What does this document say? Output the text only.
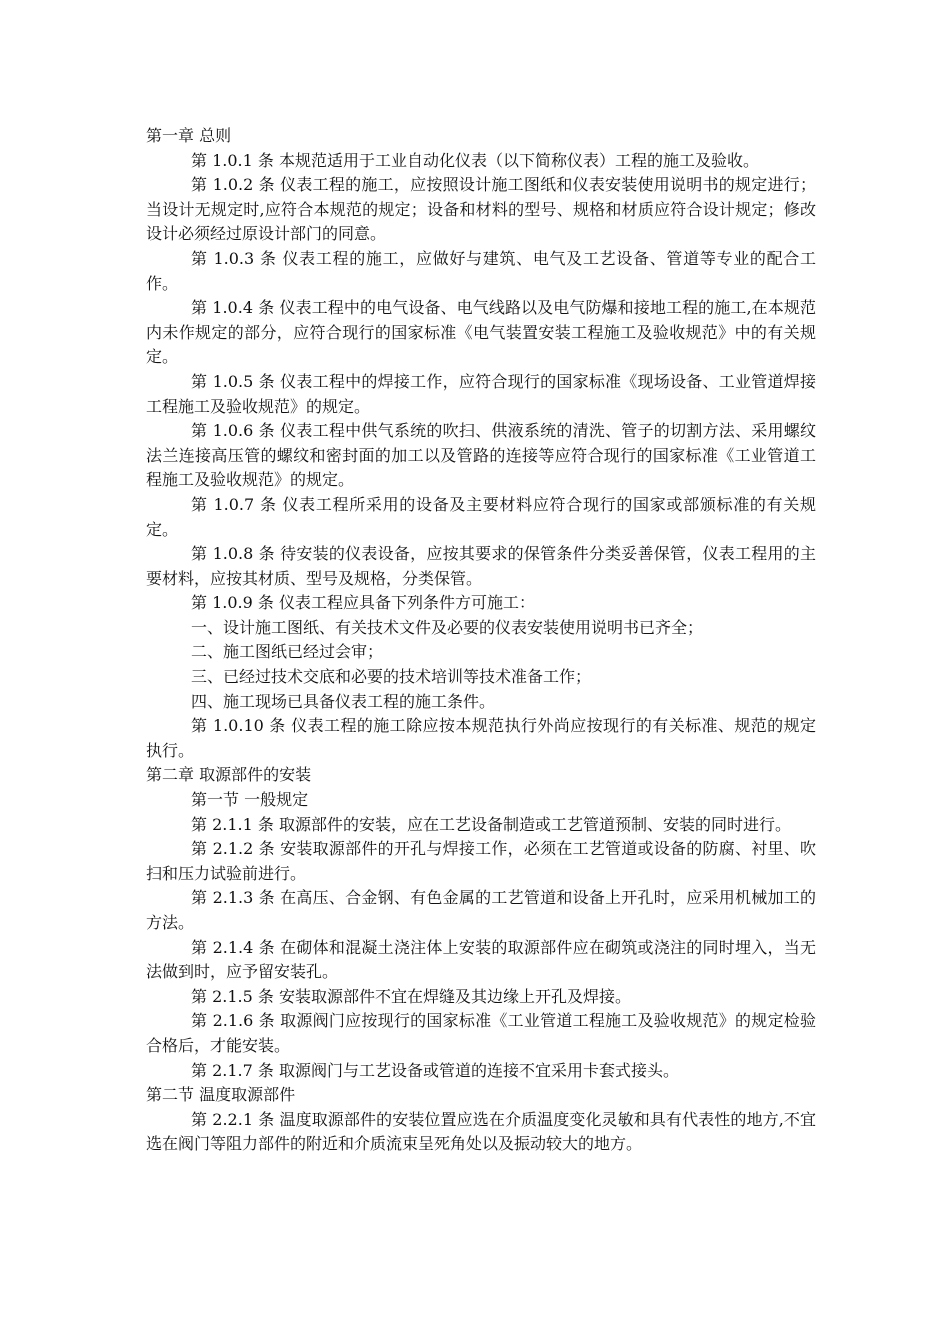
第一章 总则

第 1.0.1 条 本规范适用于工业自动化仪表（以下简称仪表）工程的施工及验收。

第 1.0.2 条 仪表工程的施工，应按照设计施工图纸和仪表安装使用说明书的规定进行；当设计无规定时,应符合本规范的规定；设备和材料的型号、规格和材质应符合设计规定；修改设计必须经过原设计部门的同意。

第 1.0.3 条 仪表工程的施工，应做好与建筑、电气及工艺设备、管道等专业的配合工作。

第 1.0.4 条 仪表工程中的电气设备、电气线路以及电气防爆和接地工程的施工,在本规范内未作规定的部分，应符合现行的国家标准《电气装置安装工程施工及验收规范》中的有关规定。

第 1.0.5 条 仪表工程中的焊接工作，应符合现行的国家标准《现场设备、工业管道焊接工程施工及验收规范》的规定。

第 1.0.6 条 仪表工程中供气系统的吹扫、供液系统的清洗、管子的切割方法、采用螺纹法兰连接高压管的螺纹和密封面的加工以及管路的连接等应符合现行的国家标准《工业管道工程施工及验收规范》的规定。

第 1.0.7 条 仪表工程所采用的设备及主要材料应符合现行的国家或部颁标准的有关规定。

第 1.0.8 条 待安装的仪表设备，应按其要求的保管条件分类妥善保管，仪表工程用的主要材料，应按其材质、型号及规格，分类保管。

第 1.0.9 条 仪表工程应具备下列条件方可施工：

一、设计施工图纸、有关技术文件及必要的仪表安装使用说明书已齐全；

二、施工图纸已经过会审；

三、已经过技术交底和必要的技术培训等技术准备工作；

四、施工现场已具备仪表工程的施工条件。

第 1.0.10 条 仪表工程的施工除应按本规范执行外尚应按现行的有关标准、规范的规定执行。

第二章 取源部件的安装

第一节 一般规定

第 2.1.1 条 取源部件的安装，应在工艺设备制造或工艺管道预制、安装的同时进行。

第 2.1.2 条 安装取源部件的开孔与焊接工作，必须在工艺管道或设备的防腐、衬里、吹扫和压力试验前进行。

第 2.1.3 条 在高压、合金钢、有色金属的工艺管道和设备上开孔时，应采用机械加工的方法。

第 2.1.4 条 在砌体和混凝土浇注体上安装的取源部件应在砌筑或浇注的同时埋入，当无法做到时，应予留安装孔。

第 2.1.5 条 安装取源部件不宜在焊缝及其边缘上开孔及焊接。

第 2.1.6 条 取源阀门应按现行的国家标准《工业管道工程施工及验收规范》的规定检验合格后，才能安装。

第 2.1.7 条 取源阀门与工艺设备或管道的连接不宜采用卡套式接头。

第二节 温度取源部件

第 2.2.1 条 温度取源部件的安装位置应选在介质温度变化灵敏和具有代表性的地方,不宜选在阀门等阻力部件的附近和介质流束呈死角处以及振动较大的地方。
